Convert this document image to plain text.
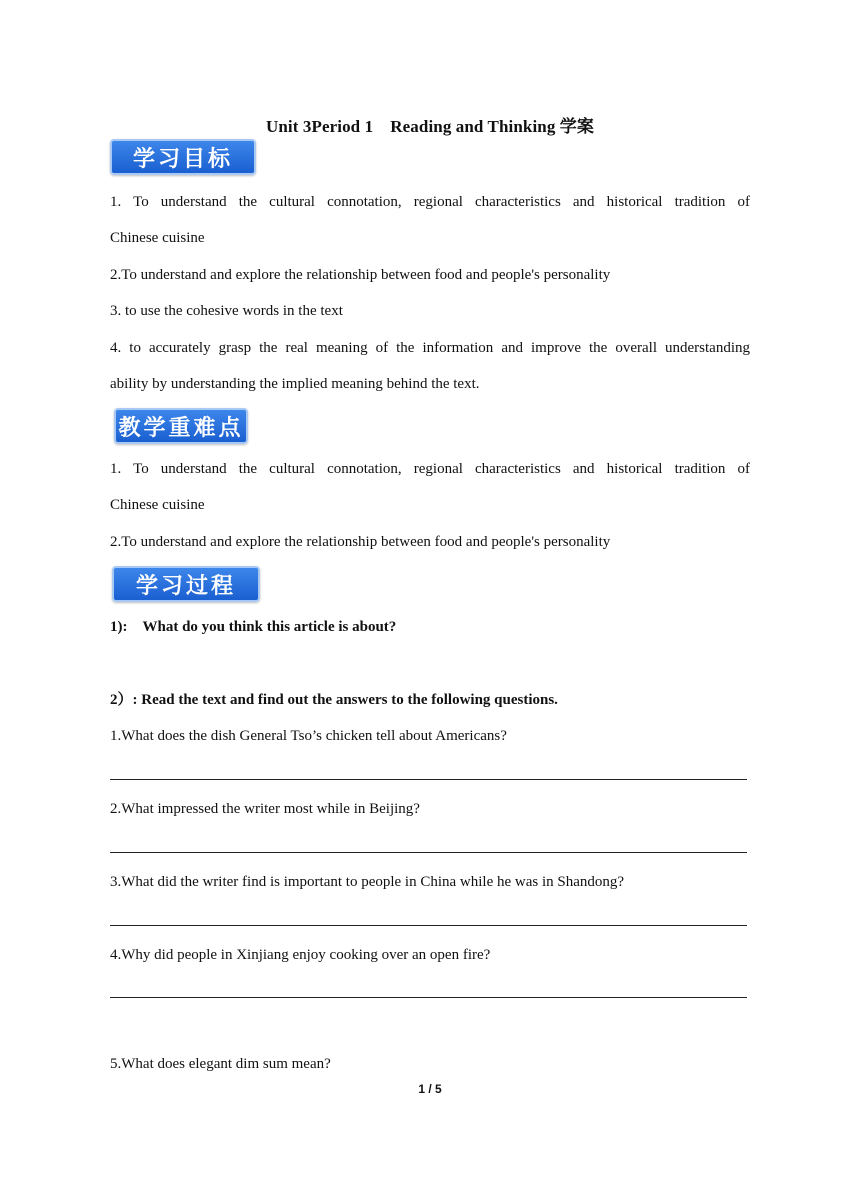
Unit 3Period 1　Reading and Thinking 学案
学习目标
1. To understand the cultural connotation, regional characteristics and historical tradition of
Chinese cuisine
2.To understand and explore the relationship between food and people's personality
3. to use the cohesive words in the text
4. to accurately grasp the real meaning of the information and improve the overall understanding
ability by understanding the implied meaning behind the text.
教学重难点
1. To understand the cultural connotation, regional characteristics and historical tradition of
Chinese cuisine
2.To understand and explore the relationship between food and people's personality
学习过程
1):　What do you think this article is about?
2）: Read the text and find out the answers to the following questions.
1.What does the dish General Tso’s chicken tell about Americans?
2.What impressed the writer most while in Beijing?
3.What did the writer find is important to people in China while he was in Shandong?
4.Why did people in Xinjiang enjoy cooking over an open fire?
5.What does elegant dim sum mean?
1 / 5
